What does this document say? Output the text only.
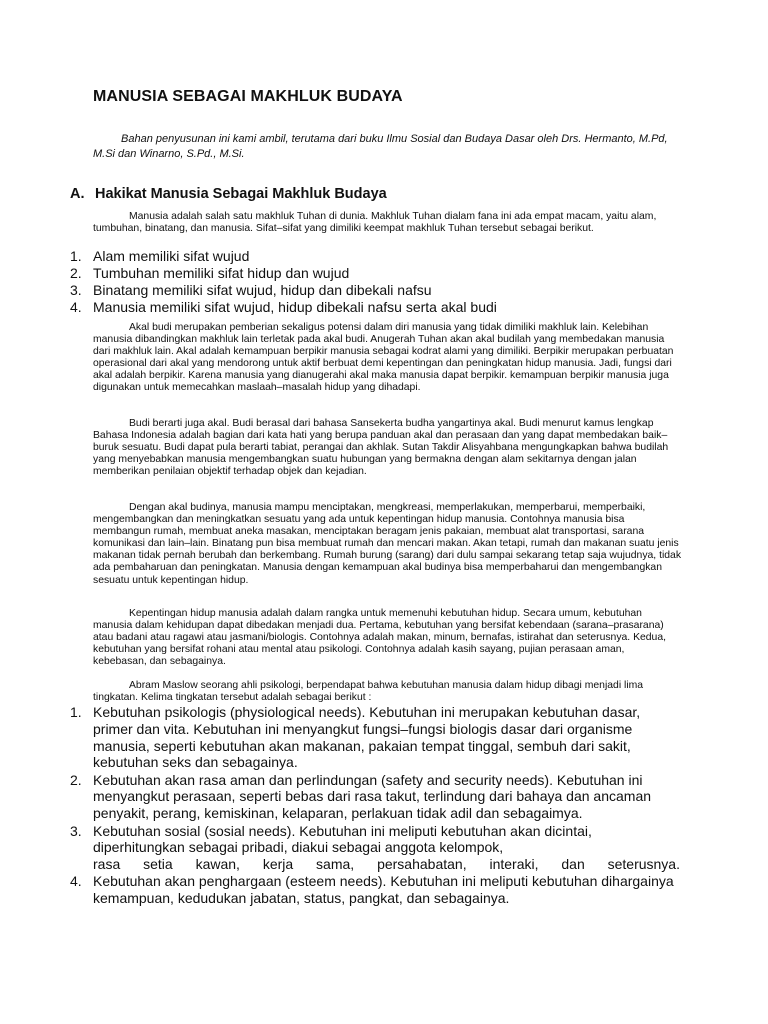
MANUSIA SEBAGAI MAKHLUK BUDAYA
Bahan penyusunan ini kami ambil, terutama dari buku Ilmu Sosial dan Budaya Dasar oleh Drs. Hermanto, M.Pd, M.Si dan Winarno, S.Pd., M.Si.
A. Hakikat Manusia Sebagai Makhluk Budaya
Manusia adalah salah satu makhluk Tuhan di dunia. Makhluk Tuhan dialam fana ini ada empat macam, yaitu alam, tumbuhan, binatang, dan manusia. Sifat–sifat yang dimiliki keempat makhluk Tuhan tersebut sebagai berikut.
1. Alam memiliki sifat wujud
2. Tumbuhan memiliki sifat hidup dan wujud
3. Binatang memiliki sifat wujud, hidup dan dibekali nafsu
4. Manusia memiliki sifat wujud, hidup dibekali nafsu serta akal budi
Akal budi merupakan pemberian sekaligus potensi dalam diri manusia yang tidak dimiliki makhluk lain. Kelebihan manusia dibandingkan makhluk lain terletak pada akal budi. Anugerah Tuhan akan akal budilah yang membedakan manusia dari makhluk lain. Akal adalah kemampuan berpikir manusia sebagai kodrat alami yang dimiliki. Berpikir merupakan perbuatan operasional dari akal yang mendorong untuk aktif berbuat demi kepentingan dan peningkatan hidup manusia. Jadi, fungsi dari akal adalah berpikir. Karena manusia yang dianugerahi akal maka manusia dapat berpikir. kemampuan berpikir manusia juga digunakan untuk memecahkan maslaah–masalah hidup yang dihadapi.
Budi berarti juga akal. Budi berasal dari bahasa Sansekerta budha yangartinya akal. Budi menurut kamus lengkap Bahasa Indonesia adalah bagian dari kata hati yang berupa panduan akal dan perasaan dan yang dapat membedakan baik–buruk sesuatu. Budi dapat pula berarti tabiat, perangai dan akhlak. Sutan Takdir Alisyahbana mengungkapkan bahwa budilah yang menyebabkan manusia mengembangkan suatu hubungan yang bermakna dengan alam sekitarnya dengan jalan memberikan penilaian objektif terhadap objek dan kejadian.
Dengan akal budinya, manusia mampu menciptakan, mengkreasi, memperlakukan, memperbarui, memperbaiki, mengembangkan dan meningkatkan sesuatu yang ada untuk kepentingan hidup manusia. Contohnya manusia bisa membangun rumah, membuat aneka masakan, menciptakan beragam jenis pakaian, membuat alat transportasi, sarana komunikasi dan lain–lain. Binatang pun bisa membuat rumah dan mencari makan. Akan tetapi, rumah dan makanan suatu jenis makanan tidak pernah berubah dan berkembang. Rumah burung (sarang) dari dulu sampai sekarang tetap saja wujudnya, tidak ada pembaharuan dan peningkatan. Manusia dengan kemampuan akal budinya bisa memperbaharui dan mengembangkan sesuatu untuk kepentingan hidup.
Kepentingan hidup manusia adalah dalam rangka untuk memenuhi kebutuhan hidup. Secara umum, kebutuhan manusia dalam kehidupan dapat dibedakan menjadi dua. Pertama, kebutuhan yang bersifat kebendaan (sarana–prasarana) atau badani atau ragawi atau jasmani/biologis. Contohnya adalah makan, minum, bernafas, istirahat dan seterusnya. Kedua, kebutuhan yang bersifat rohani atau mental atau psikologi. Contohnya adalah kasih sayang, pujian perasaan aman, kebebasan, dan sebagainya.
Abram Maslow seorang ahli psikologi, berpendapat bahwa kebutuhan manusia dalam hidup dibagi menjadi lima tingkatan. Kelima tingkatan tersebut adalah sebagai berikut :
1. Kebutuhan psikologis (physiological needs). Kebutuhan ini merupakan kebutuhan dasar, primer dan vita. Kebutuhan ini menyangkut fungsi–fungsi biologis dasar dari organisme manusia, seperti kebutuhan akan makanan, pakaian tempat tinggal, sembuh dari sakit, kebutuhan seks dan sebagainya.
2. Kebutuhan akan rasa aman dan perlindungan (safety and security needs). Kebutuhan ini menyangkut perasaan, seperti bebas dari rasa takut, terlindung dari bahaya dan ancaman penyakit, perang, kemiskinan, kelaparan, perlakuan tidak adil dan sebagaimya.
3. Kebutuhan sosial (sosial needs). Kebutuhan ini meliputi kebutuhan akan dicintai, diperhitungkan sebagai pribadi, diakui sebagai anggota kelompok,
rasa setia kawan, kerja sama, persahabatan, interaki, dan seterusnya.
4. Kebutuhan akan penghargaan (esteem needs). Kebutuhan ini meliputi kebutuhan dihargainya kemampuan, kedudukan jabatan, status, pangkat, dan sebagainya.
